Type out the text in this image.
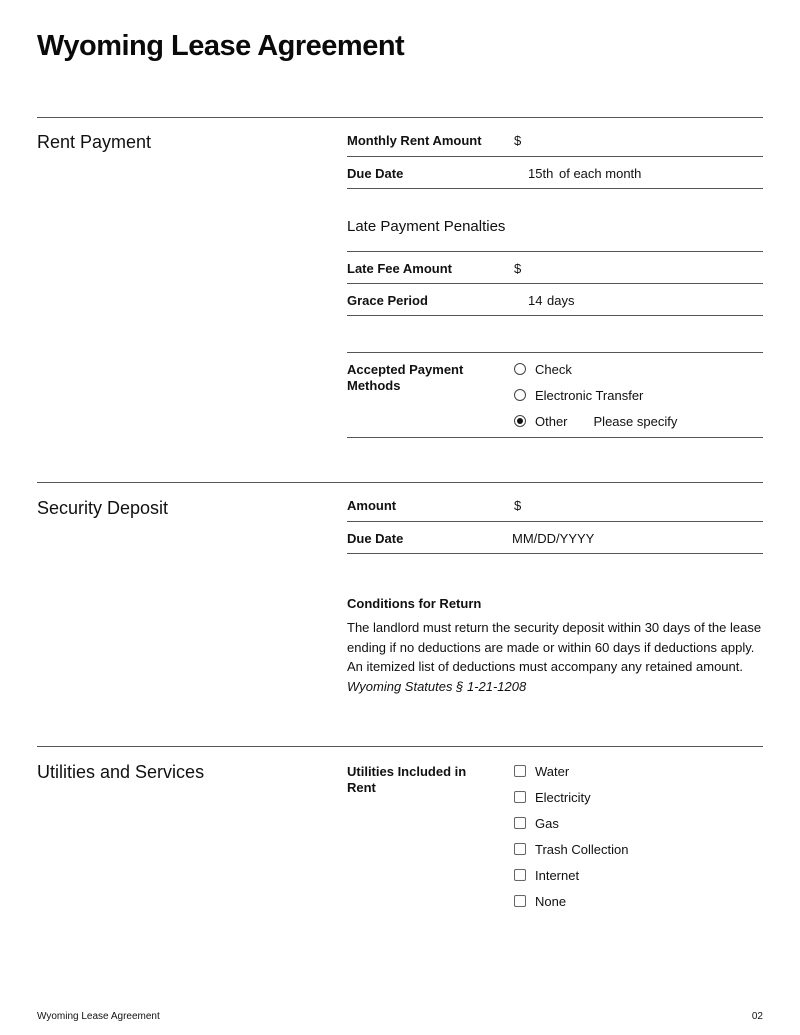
Wyoming Lease Agreement
Rent Payment	Monthly Rent Amount $
Due Date	15th of each month
Late Payment Penalties
Late Fee Amount	$
Grace Period	14 days
Accepted Payment Methods
Check
Electronic Transfer
Other Please specify
Security Deposit	Amount	$
Due Date	MM/DD/YYYY
Conditions for Return

The landlord must return the security deposit within 30 days of the lease ending if no deductions are made or within 60 days if deductions apply. An itemized list of deductions must accompany any retained amount. Wyoming Statutes § 1-21-1208

Utilities and Services	Utilities Included in Rent
Water
Electricity
Gas
Trash Collection
Internet
None
Wyoming Lease Agreement	02
